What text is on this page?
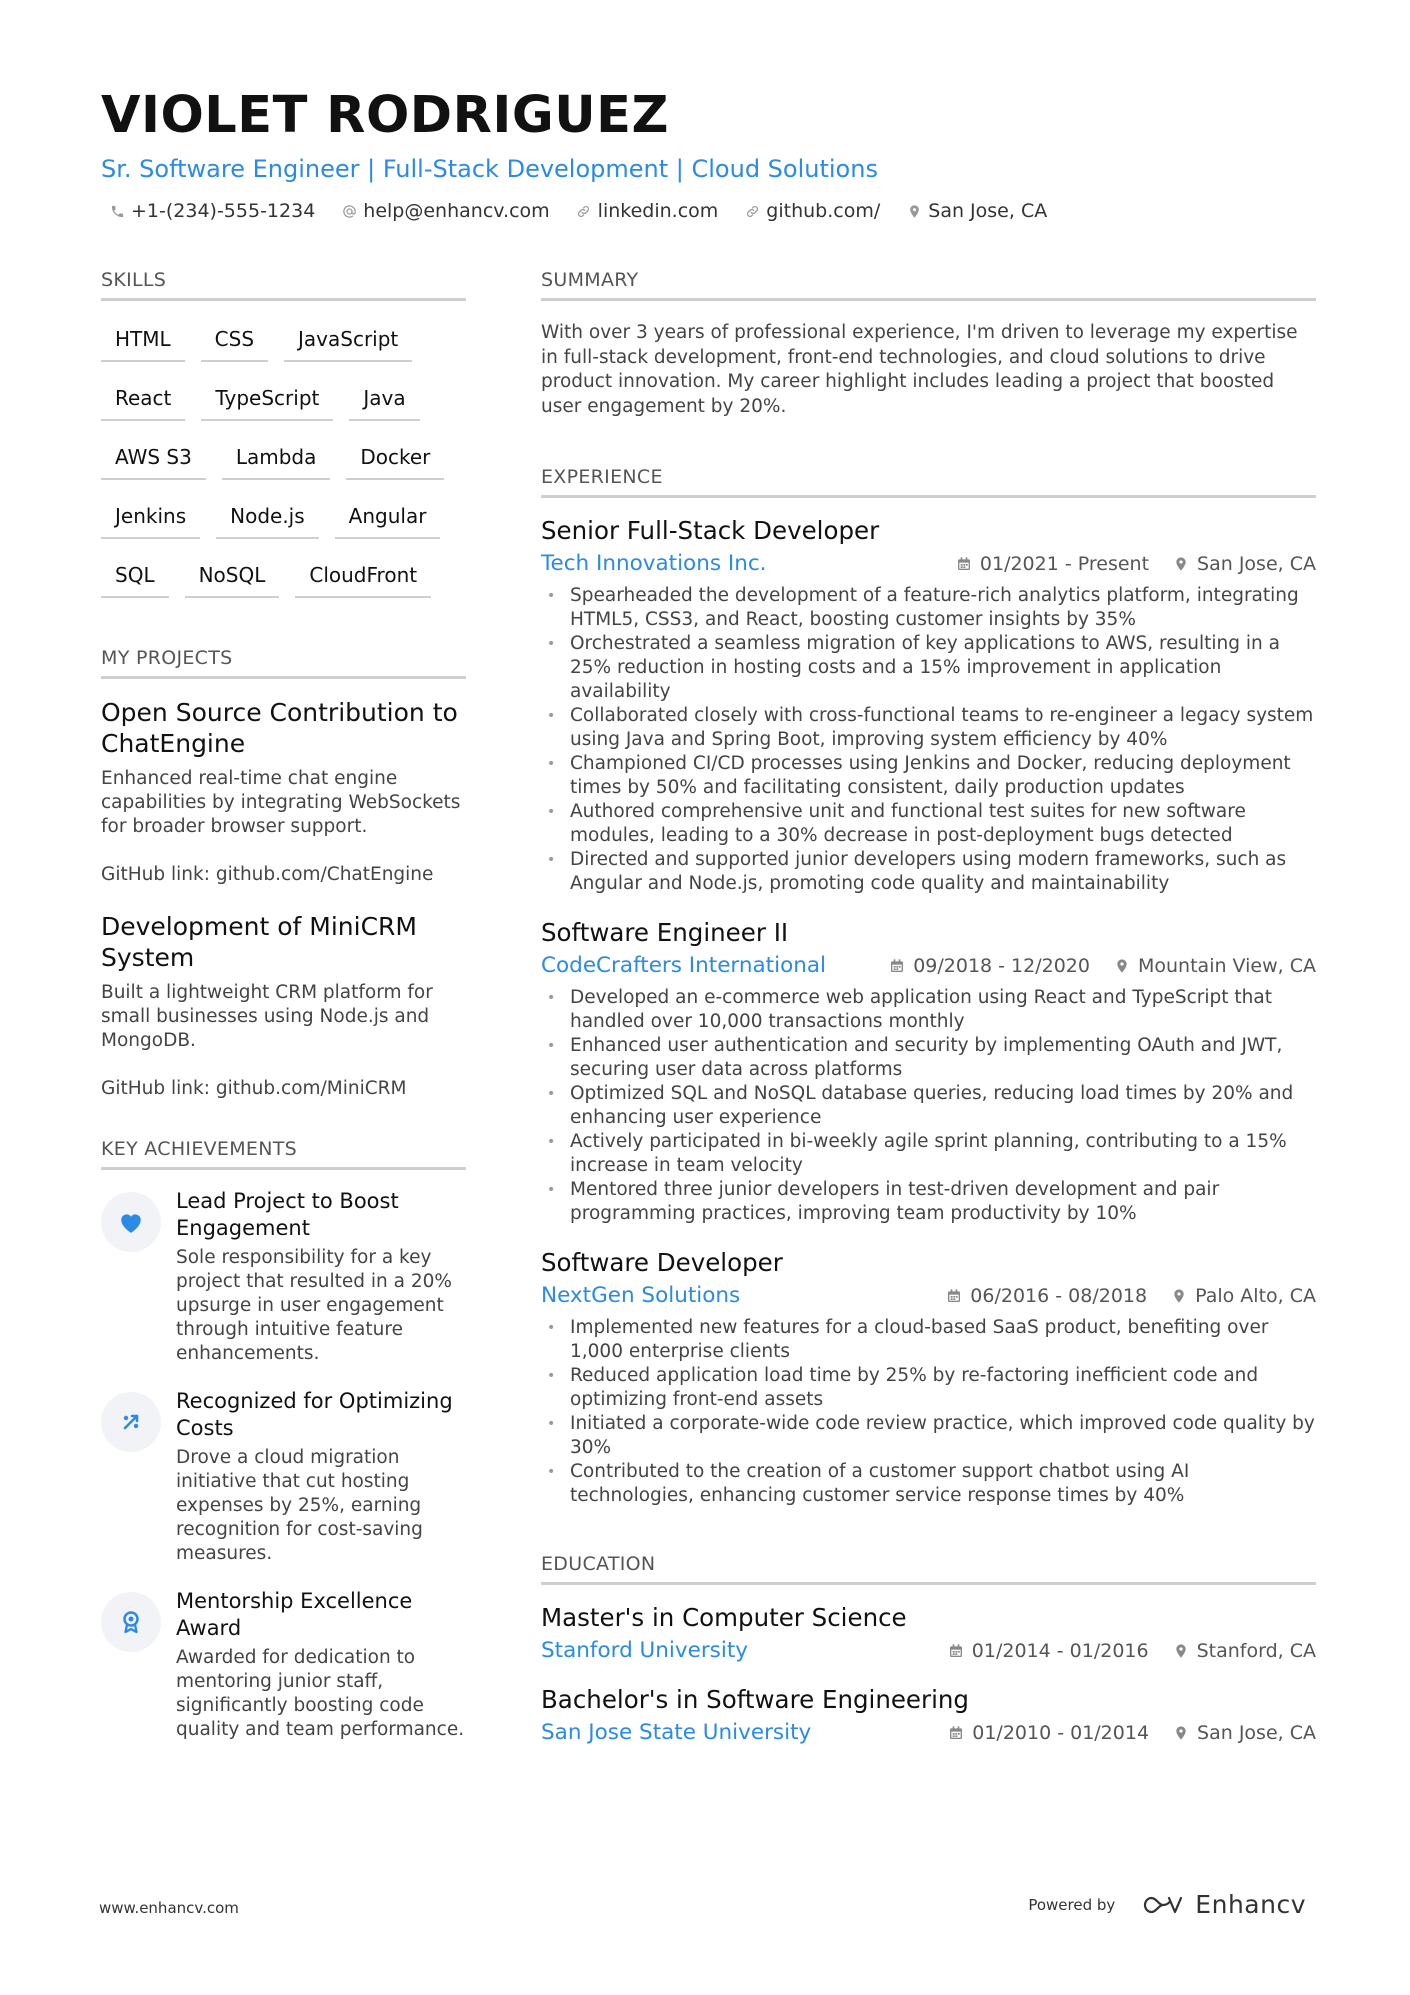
VIOLET RODRIGUEZ
Sr. Software Engineer | Full-Stack Development | Cloud Solutions
+1-(234)-555-1234	help@enhancv.com	linkedin.com	github.com/	San Jose, CA
SKILLS
HTML	CSS	JavaScript
React	TypeScript	Java
AWS S3	Lambda	Docker
Jenkins	Node.js	Angular
SQL	NoSQL	CloudFront
MY PROJECTS
Open Source Contribution to ChatEngine
Enhanced real-time chat engine capabilities by integrating WebSockets for broader browser support.
GitHub link: github.com/ChatEngine
Development of MiniCRM System
Built a lightweight CRM platform for small businesses using Node.js and MongoDB.
GitHub link: github.com/MiniCRM
KEY ACHIEVEMENTS
Lead Project to Boost Engagement
Sole responsibility for a key project that resulted in a 20% upsurge in user engagement through intuitive feature enhancements.
Recognized for Optimizing Costs
Drove a cloud migration initiative that cut hosting expenses by 25%, earning recognition for cost-saving measures.
Mentorship Excellence Award
Awarded for dedication to mentoring junior staff, significantly boosting code quality and team performance.
SUMMARY
With over 3 years of professional experience, I'm driven to leverage my expertise in full-stack development, front-end technologies, and cloud solutions to drive product innovation. My career highlight includes leading a project that boosted user engagement by 20%.
EXPERIENCE
Senior Full-Stack Developer
Tech Innovations Inc.	01/2021 - Present	San Jose, CA
• Spearheaded the development of a feature-rich analytics platform, integrating HTML5, CSS3, and React, boosting customer insights by 35%
• Orchestrated a seamless migration of key applications to AWS, resulting in a 25% reduction in hosting costs and a 15% improvement in application availability
• Collaborated closely with cross-functional teams to re-engineer a legacy system using Java and Spring Boot, improving system efficiency by 40%
• Championed CI/CD processes using Jenkins and Docker, reducing deployment times by 50% and facilitating consistent, daily production updates
• Authored comprehensive unit and functional test suites for new software modules, leading to a 30% decrease in post-deployment bugs detected
• Directed and supported junior developers using modern frameworks, such as Angular and Node.js, promoting code quality and maintainability
Software Engineer II
CodeCrafters International	09/2018 - 12/2020	Mountain View, CA
• Developed an e-commerce web application using React and TypeScript that handled over 10,000 transactions monthly
• Enhanced user authentication and security by implementing OAuth and JWT, securing user data across platforms
• Optimized SQL and NoSQL database queries, reducing load times by 20% and enhancing user experience
• Actively participated in bi-weekly agile sprint planning, contributing to a 15% increase in team velocity
• Mentored three junior developers in test-driven development and pair programming practices, improving team productivity by 10%
Software Developer
NextGen Solutions	06/2016 - 08/2018	Palo Alto, CA
• Implemented new features for a cloud-based SaaS product, benefiting over 1,000 enterprise clients
• Reduced application load time by 25% by re-factoring inefficient code and optimizing front-end assets
• Initiated a corporate-wide code review practice, which improved code quality by 30%
• Contributed to the creation of a customer support chatbot using AI technologies, enhancing customer service response times by 40%
EDUCATION
Master's in Computer Science
Stanford University	01/2014 - 01/2016	Stanford, CA
Bachelor's in Software Engineering
San Jose State University	01/2010 - 01/2014	San Jose, CA
www.enhancv.com	Powered by	Enhancv
